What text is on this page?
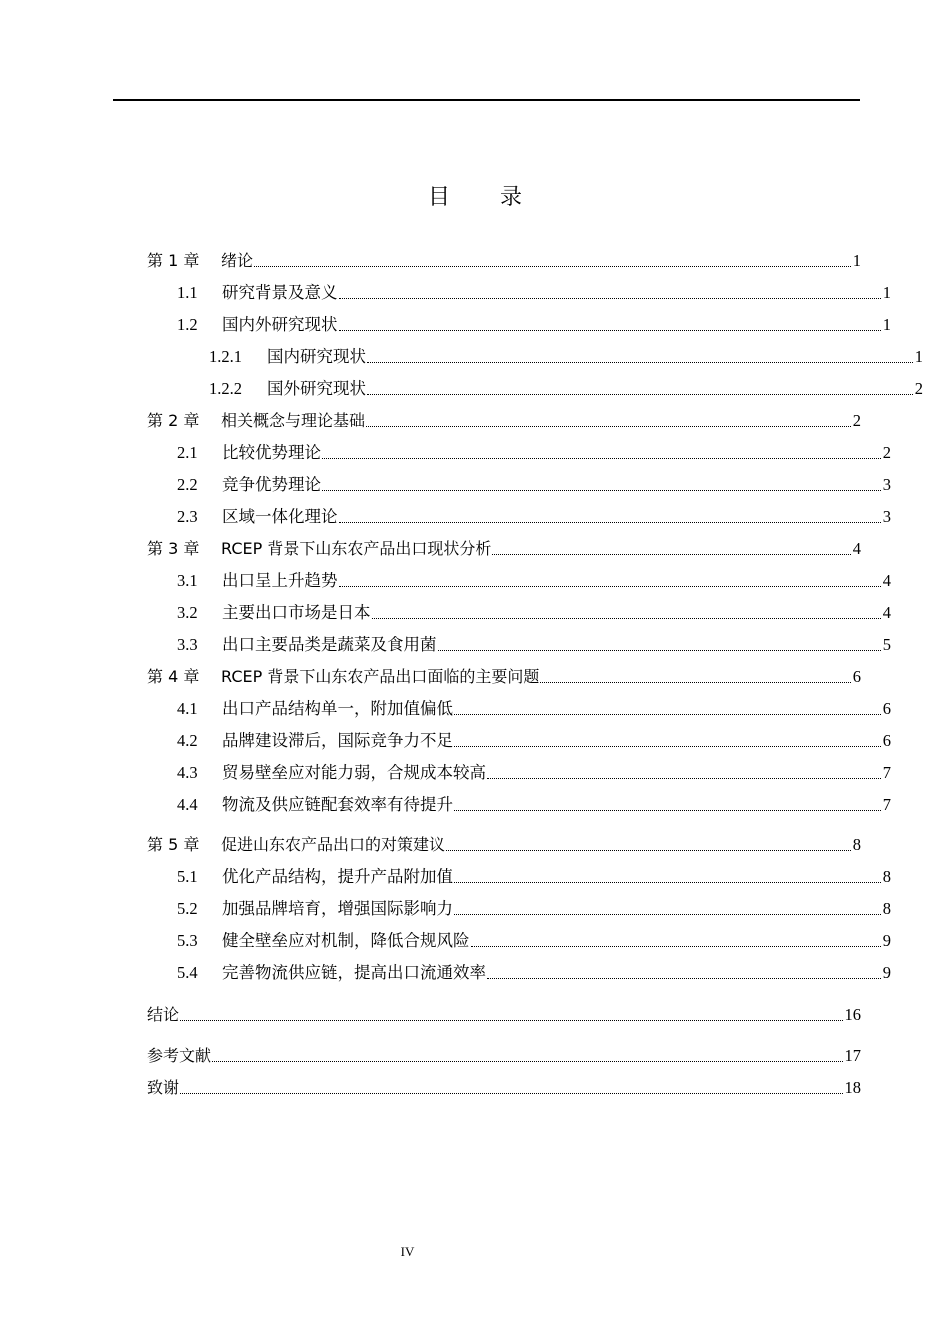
目 录
第 1 章	绪论	1
1.1	研究背景及意义	1
1.2	国内外研究现状	1
1.2.1	国内研究现状	1
1.2.2	国外研究现状	2
第 2 章	相关概念与理论基础	2
2.1	比较优势理论	2
2.2	竞争优势理论	3
2.3	区域一体化理论	3
第 3 章	RCEP 背景下山东农产品出口现状分析	4
3.1	出口呈上升趋势	4
3.2	主要出口市场是日本	4
3.3	出口主要品类是蔬菜及食用菌	5
第 4 章	RCEP 背景下山东农产品出口面临的主要问题	6
4.1	出口产品结构单一，附加值偏低	6
4.2	品牌建设滞后，国际竞争力不足	6
4.3	贸易壁垒应对能力弱，合规成本较高	7
4.4	物流及供应链配套效率有待提升	7
第 5 章	促进山东农产品出口的对策建议	8
5.1	优化产品结构，提升产品附加值	8
5.2	加强品牌培育，增强国际影响力	8
5.3	健全壁垒应对机制，降低合规风险	9
5.4	完善物流供应链，提高出口流通效率	9
结论	16
参考文献	17
致谢	18
IV
